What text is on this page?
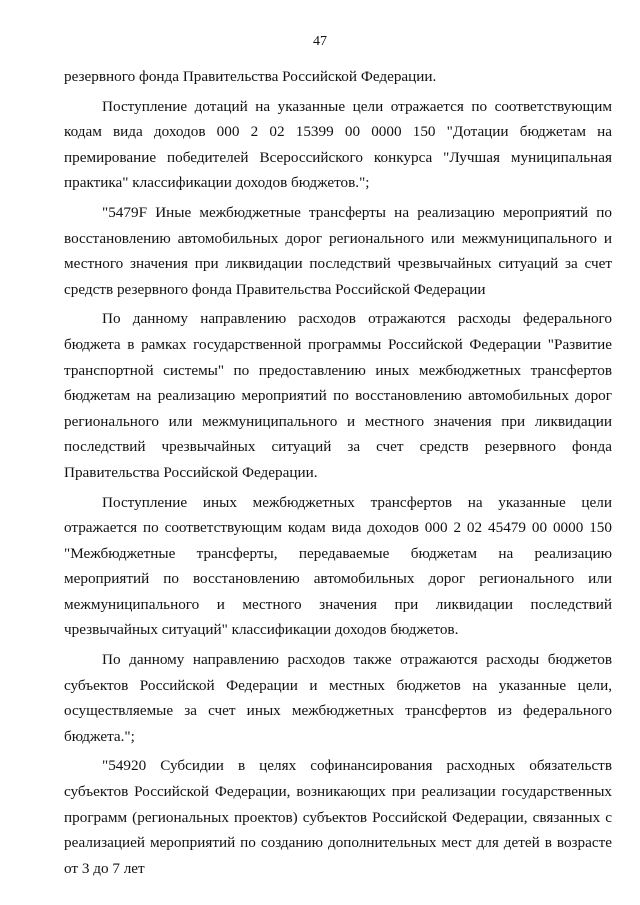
47

резервного фонда Правительства Российской Федерации.

Поступление дотаций на указанные цели отражается по соответствующим кодам вида доходов 000 2 02 15399 00 0000 150 "Дотации бюджетам на премирование победителей Всероссийского конкурса "Лучшая муниципальная практика" классификации доходов бюджетов.";

"5479F Иные межбюджетные трансферты на реализацию мероприятий по восстановлению автомобильных дорог регионального или межмуниципального и местного значения при ликвидации последствий чрезвычайных ситуаций за счет средств резервного фонда Правительства Российской Федерации

По данному направлению расходов отражаются расходы федерального бюджета в рамках государственной программы Российской Федерации "Развитие транспортной системы" по предоставлению иных межбюджетных трансфертов бюджетам на реализацию мероприятий по восстановлению автомобильных дорог регионального или межмуниципального и местного значения при ликвидации последствий чрезвычайных ситуаций за счет средств резервного фонда Правительства Российской Федерации.

Поступление иных межбюджетных трансфертов на указанные цели отражается по соответствующим кодам вида доходов 000 2 02 45479 00 0000 150 "Межбюджетные трансферты, передаваемые бюджетам на реализацию мероприятий по восстановлению автомобильных дорог регионального или межмуниципального и местного значения при ликвидации последствий чрезвычайных ситуаций" классификации доходов бюджетов.

По данному направлению расходов также отражаются расходы бюджетов субъектов Российской Федерации и местных бюджетов на указанные цели, осуществляемые за счет иных межбюджетных трансфертов из федерального бюджета.";

"54920 Субсидии в целях софинансирования расходных обязательств субъектов Российской Федерации, возникающих при реализации государственных программ (региональных проектов) субъектов Российской Федерации, связанных с реализацией мероприятий по созданию дополнительных мест для детей в возрасте от 3 до 7 лет
